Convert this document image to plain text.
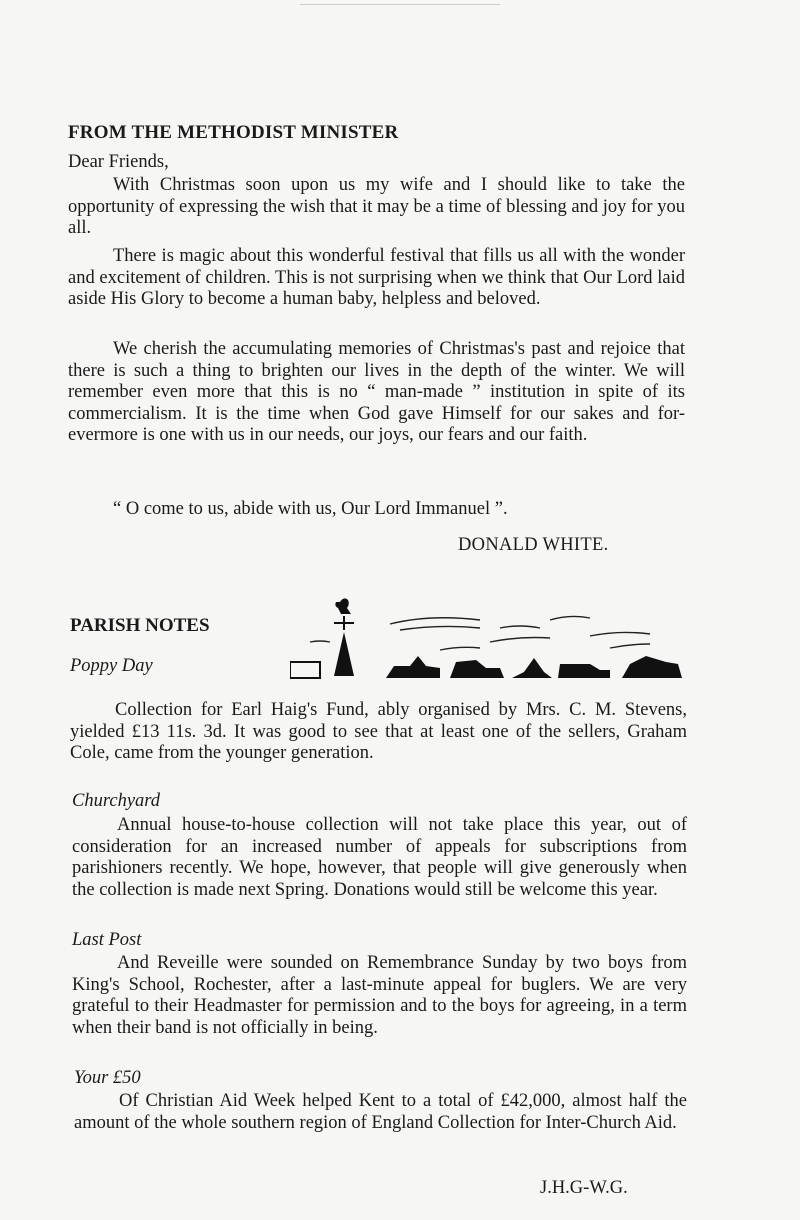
FROM THE METHODIST MINISTER
Dear Friends,

With Christmas soon upon us my wife and I should like to take the opportunity of expressing the wish that it may be a time of blessing and joy for you all.

There is magic about this wonderful festival that fills us all with the wonder and excitement of children. This is not surprising when we think that Our Lord laid aside His Glory to become a human baby, helpless and beloved.

We cherish the accumulating memories of Christmas's past and rejoice that there is such a thing to brighten our lives in the depth of the winter. We will remember even more that this is no “ man-made ” institution in spite of its commercialism. It is the time when God gave Himself for our sakes and for-evermore is one with us in our needs, our joys, our fears and our faith.

“ O come to us, abide with us, Our Lord Immanuel ”.
DONALD WHITE.
PARISH NOTES
Poppy Day

Collection for Earl Haig's Fund, ably organised by Mrs. C. M. Stevens, yielded £13 11s. 3d. It was good to see that at least one of the sellers, Graham Cole, came from the younger generation.

Churchyard

Annual house-to-house collection will not take place this year, out of consideration for an increased number of appeals for subscriptions from parishioners recently. We hope, however, that people will give generously when the collection is made next Spring. Donations would still be welcome this year.

Last Post

And Reveille were sounded on Remembrance Sunday by two boys from King's School, Rochester, after a last-minute appeal for buglers. We are very grateful to their Headmaster for permission and to the boys for agreeing, in a term when their band is not officially in being.

Your £50

Of Christian Aid Week helped Kent to a total of £42,000, almost half the amount of the whole southern region of England Collection for Inter-Church Aid.

J.H.G-W.G.
